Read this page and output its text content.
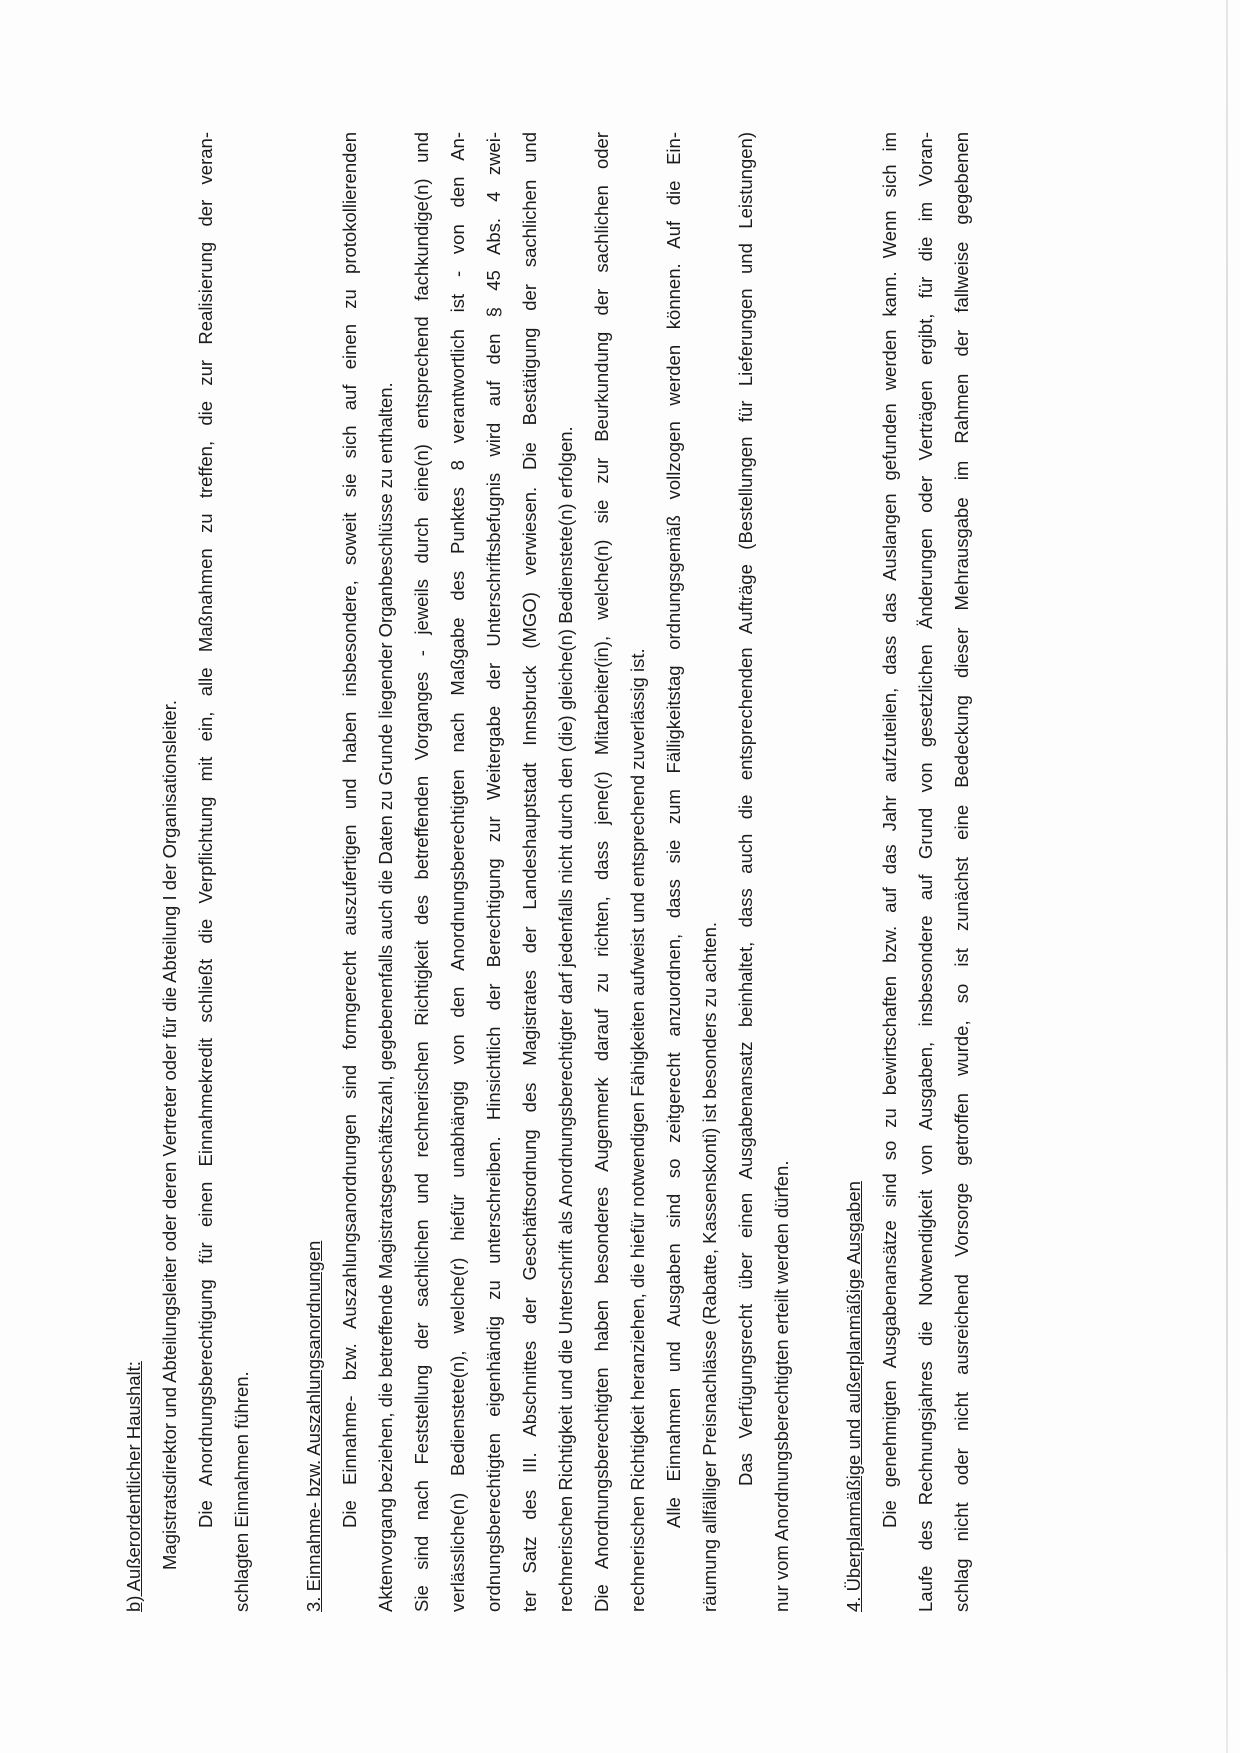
b) Außerordentlicher Haushalt: Magistratsdirektor und Abteilungsleiter oder deren Vertreter oder für die Abteilung I der Organisationsleiter. Die Anordnungsberechtigung für einen Einnahmekredit schließt die Verpflichtung mit ein, alle Maßnahmen zu treffen, die zur Realisierung der veran- schlagten Einnahmen führen.	3. Einnahme- bzw. Auszahlungsanordnungen Die Einnahme- bzw. Auszahlungsanordnungen sind formgerecht auszufertigen und haben insbesondere, soweit sie sich auf einen zu protokollierenden Aktenvorgang beziehen, die betreffende Magistratsgeschäftszahl, gegebenenfalls auch die Daten zu Grunde liegender Organbeschlüsse zu enthalten. Sie sind nach Feststellung der sachlichen und rechnerischen Richtigkeit des betreffenden Vorganges - jeweils durch eine(n) entsprechend fachkundige(n) und verlässliche(n) Bedienstete(n), welche(r) hiefür unabhängig von den Anordnungsberechtigten nach Maßgabe des Punktes 8 verantwortlich ist - von den An- ordnungsberechtigten eigenhändig zu unterschreiben. Hinsichtlich der Berechtigung zur Weitergabe der Unterschriftsbefugnis wird auf den § 45 Abs. 4 zwei- ter Satz des III. Abschnittes der Geschäftsordnung des Magistrates der Landeshauptstadt Innsbruck (MGO) verwiesen. Die Bestätigung der sachlichen und rechnerischen Richtigkeit und die Unterschrift als Anordnungsberechtigter darf jedenfalls nicht durch den (die) gleiche(n) Bedienstete(n) erfolgen. Die Anordnungsberechtigten haben besonderes Augenmerk darauf zu richten, dass jene(r) Mitarbeiter(in), welche(n) sie zur Beurkundung der sachlichen oder rechnerischen Richtigkeit heranziehen, die hiefür notwendigen Fähigkeiten aufweist und entsprechend zuverlässig ist. Alle Einnahmen und Ausgaben sind so zeitgerecht anzuordnen, dass sie zum Fälligkeitstag ordnungsgemäß vollzogen werden können. Auf die Ein- räumung allfälliger Preisnachlässe (Rabatte, Kassenskonti) ist besonders zu achten. Das Verfügungsrecht über einen Ausgabenansatz beinhaltet, dass auch die entsprechenden Aufträge (Bestellungen für Lieferungen und Leistungen) nur vom Anordnungsberechtigten erteilt werden dürfen.	4. Überplanmäßige und außerplanmäßige Ausgaben Die genehmigten Ausgabenansätze sind so zu bewirtschaften bzw. auf das Jahr aufzuteilen, dass das Auslangen gefunden werden kann. Wenn sich im Laufe des Rechnungsjahres die Notwendigkeit von Ausgaben, insbesondere auf Grund von gesetzlichen Änderungen oder Verträgen ergibt, für die im Voran- schlag nicht oder nicht ausreichend Vorsorge getroffen wurde, so ist zunächst eine Bedeckung dieser Mehrausgabe im Rahmen der fallweise gegebenen
